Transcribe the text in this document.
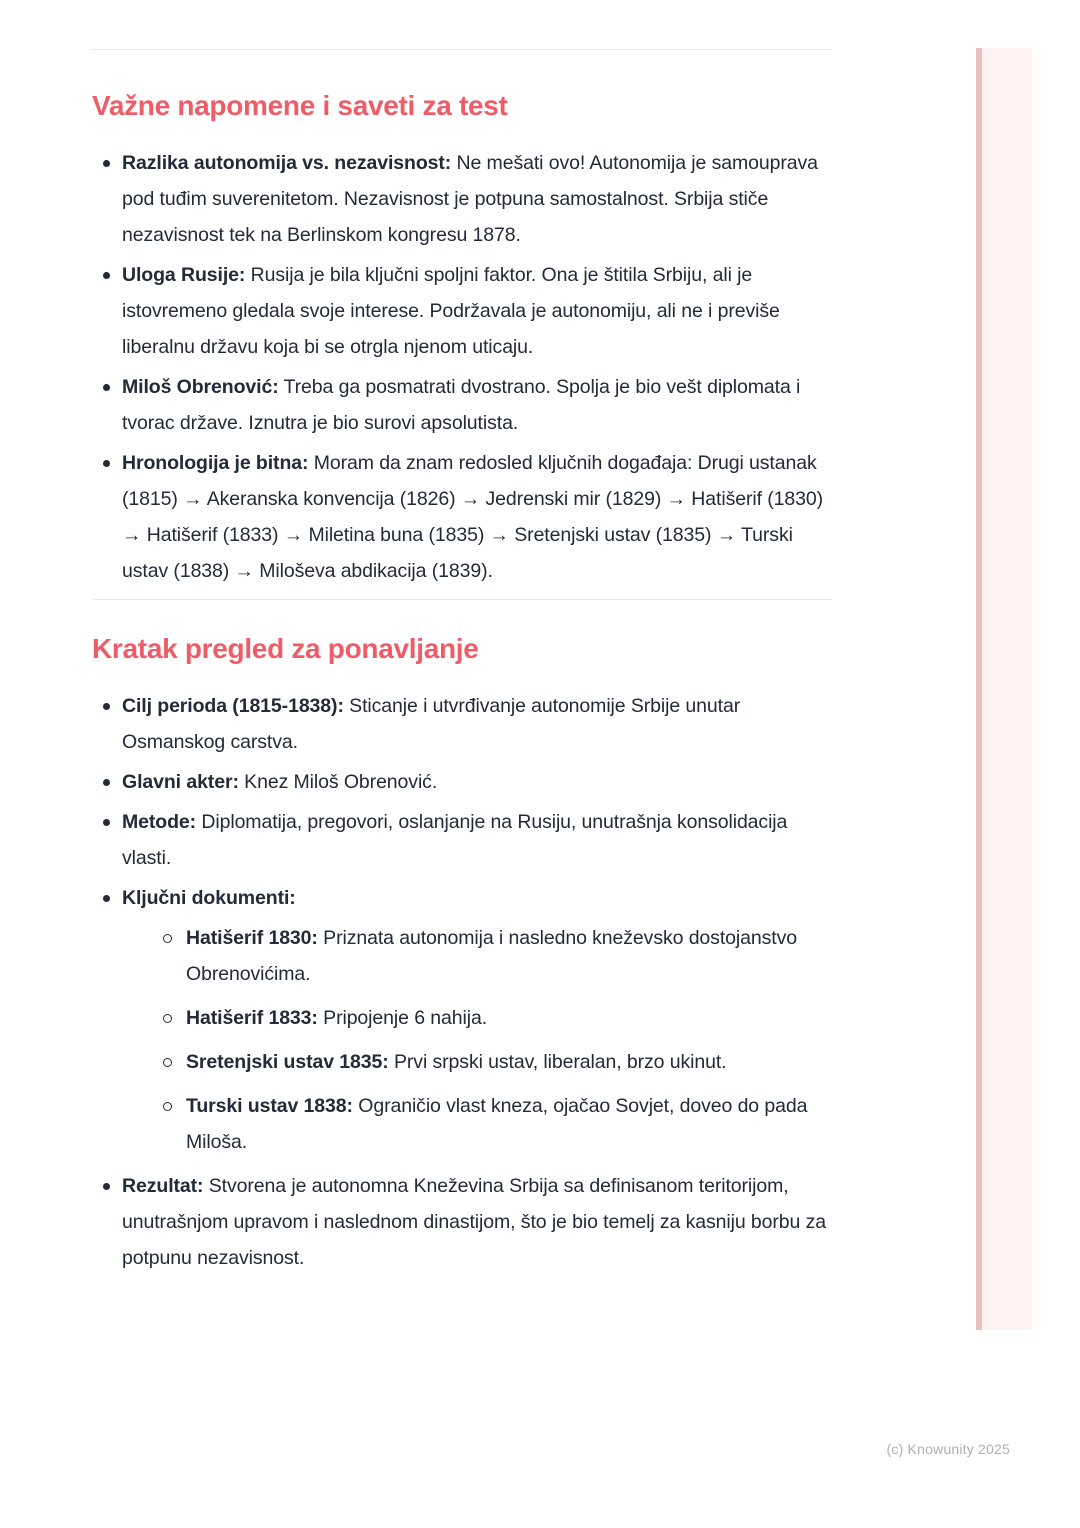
Važne napomene i saveti za test
Razlika autonomija vs. nezavisnost: Ne mešati ovo! Autonomija je samouprava pod tuđim suverenitetom. Nezavisnost je potpuna samostalnost. Srbija stiče nezavisnost tek na Berlinskom kongresu 1878.
Uloga Rusije: Rusija je bila ključni spoljni faktor. Ona je štitila Srbiju, ali je istovremeno gledala svoje interese. Podržavala je autonomiju, ali ne i previše liberalnu državu koja bi se otrgla njenom uticaju.
Miloš Obrenović: Treba ga posmatrati dvostrano. Spolja je bio vešt diplomata i tvorac države. Iznutra je bio surovi apsolutista.
Hronologija je bitna: Moram da znam redosled ključnih događaja: Drugi ustanak (1815) → Akeranska konvencija (1826) → Jedrenski mir (1829) → Hatišerif (1830) → Hatišerif (1833) → Miletina buna (1835) → Sretenjski ustav (1835) → Turski ustav (1838) → Miloševa abdikacija (1839).
Kratak pregled za ponavljanje
Cilj perioda (1815-1838): Sticanje i utvrđivanje autonomije Srbije unutar Osmanskog carstva.
Glavni akter: Knez Miloš Obrenović.
Metode: Diplomatija, pregovori, oslanjanje na Rusiju, unutrašnja konsolidacija vlasti.
Ključni dokumenti:
Hatišerif 1830: Priznata autonomija i nasledno kneževsko dostojanstvo Obrenovićima.
Hatišerif 1833: Pripojenje 6 nahija.
Sretenjski ustav 1835: Prvi srpski ustav, liberalan, brzo ukinut.
Turski ustav 1838: Ograničio vlast kneza, ojačao Sovjet, doveo do pada Miloša.
Rezultat: Stvorena je autonomna Kneževina Srbija sa definisanom teritorijom, unutrašnjom upravom i naslednom dinastijom, što je bio temelj za kasniju borbu za potpunu nezavisnost.
(c) Knowunity 2025
